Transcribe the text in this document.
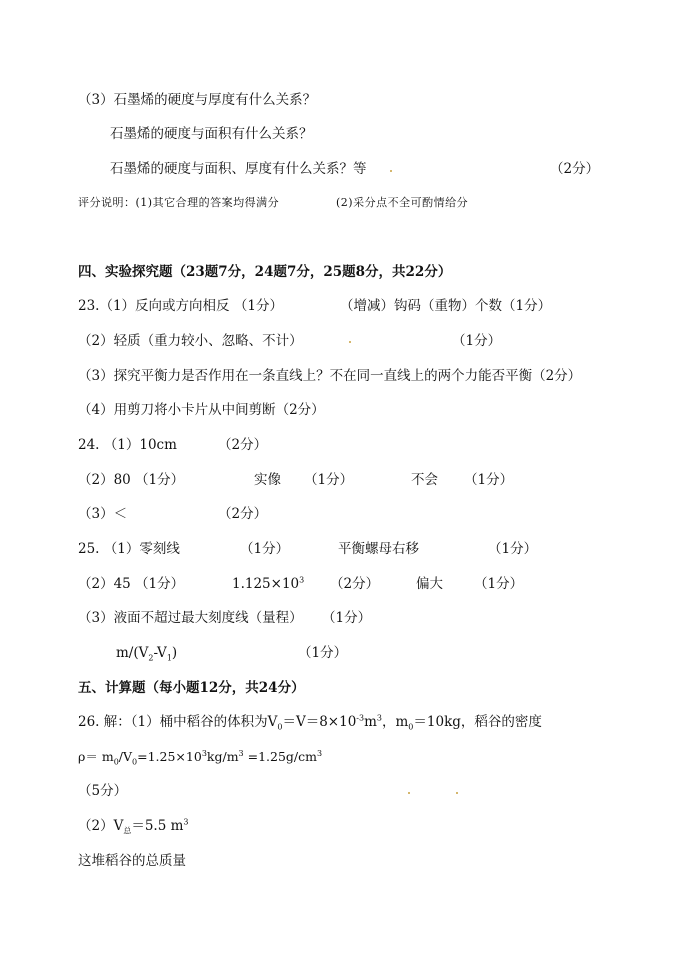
（3）石墨烯的硬度与厚度有什么关系？
石墨烯的硬度与面积有什么关系？
石墨烯的硬度与面积、厚度有什么关系？等	（2分）
评分说明：(1)其它合理的答案均得满分	(2)采分点不全可酌情给分
四、实验探究题（23题7分，24题7分，25题8分，共22分）
23.（1）反向或方向相反 （1分）	（增减）钩码（重物）个数（1分）
（2）轻质（重力较小、忽略、不计）	（1分）
（3）探究平衡力是否作用在一条直线上？不在同一直线上的两个力能否平衡（2分）
（4）用剪刀将小卡片从中间剪断（2分）
24. （1）10cm	（2分）
（2）80 （1分）	实像 （1分）	不会 （1分）
（3）＜	（2分）
25. （1）零刻线	（1分）	平衡螺母右移	（1分）
（2）45 （1分）	$1.125\times 10^3$ （2分）	偏大 （1分）
（3）液面不超过最大刻度线（量程） （1分）
$m/(V_2-V_1)$	（1分）
五、计算题（每小题12分，共24分）
26. 解：（1）桶中稻谷的体积为$V_0=V=8\times 10^{-3}m^3$，$m_0=10kg$，稻谷的密度
$\rho= m_0/V_0=1.25\times 10^3kg/m^3 =1.25g/cm^3$
（5分）
$(2)V_总=5.5$ $m^3$
这堆稻谷的总质量
